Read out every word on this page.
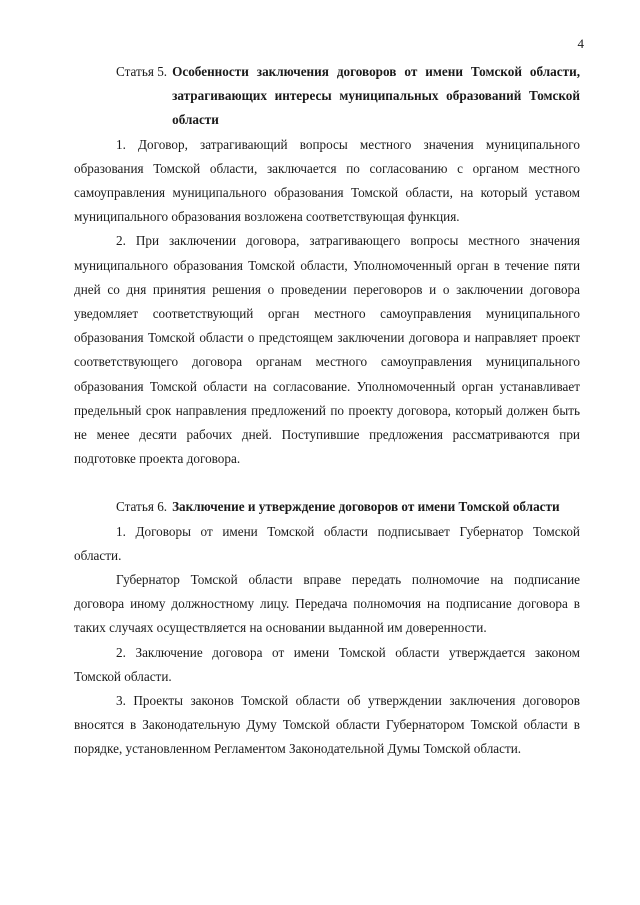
4
Статья 5. Особенности заключения договоров от имени Томской области, затрагивающих интересы муниципальных образований Томской области

1. Договор, затрагивающий вопросы местного значения муниципального образования Томской области, заключается по согласованию с органом местного самоуправления муниципального образования Томской области, на который уставом муниципального образования возложена соответствующая функция.

2. При заключении договора, затрагивающего вопросы местного значения муниципального образования Томской области, Уполномоченный орган в течение пяти дней со дня принятия решения о проведении переговоров и о заключении договора уведомляет соответствующий орган местного самоуправления муниципального образования Томской области о предстоящем заключении договора и направляет проект соответствующего договора органам местного самоуправления муниципального образования Томской области на согласование. Уполномоченный орган устанавливает предельный срок направления предложений по проекту договора, который должен быть не менее десяти рабочих дней. Поступившие предложения рассматриваются при подготовке проекта договора.

Статья 6. Заключение и утверждение договоров от имени Томской области

1. Договоры от имени Томской области подписывает Губернатор Томской области.

Губернатор Томской области вправе передать полномочие на подписание договора иному должностному лицу. Передача полномочия на подписание договора в таких случаях осуществляется на основании выданной им доверенности.

2. Заключение договора от имени Томской области утверждается законом Томской области.

3. Проекты законов Томской области об утверждении заключения договоров вносятся в Законодательную Думу Томской области Губернатором Томской области в порядке, установленном Регламентом Законодательной Думы Томской области.
